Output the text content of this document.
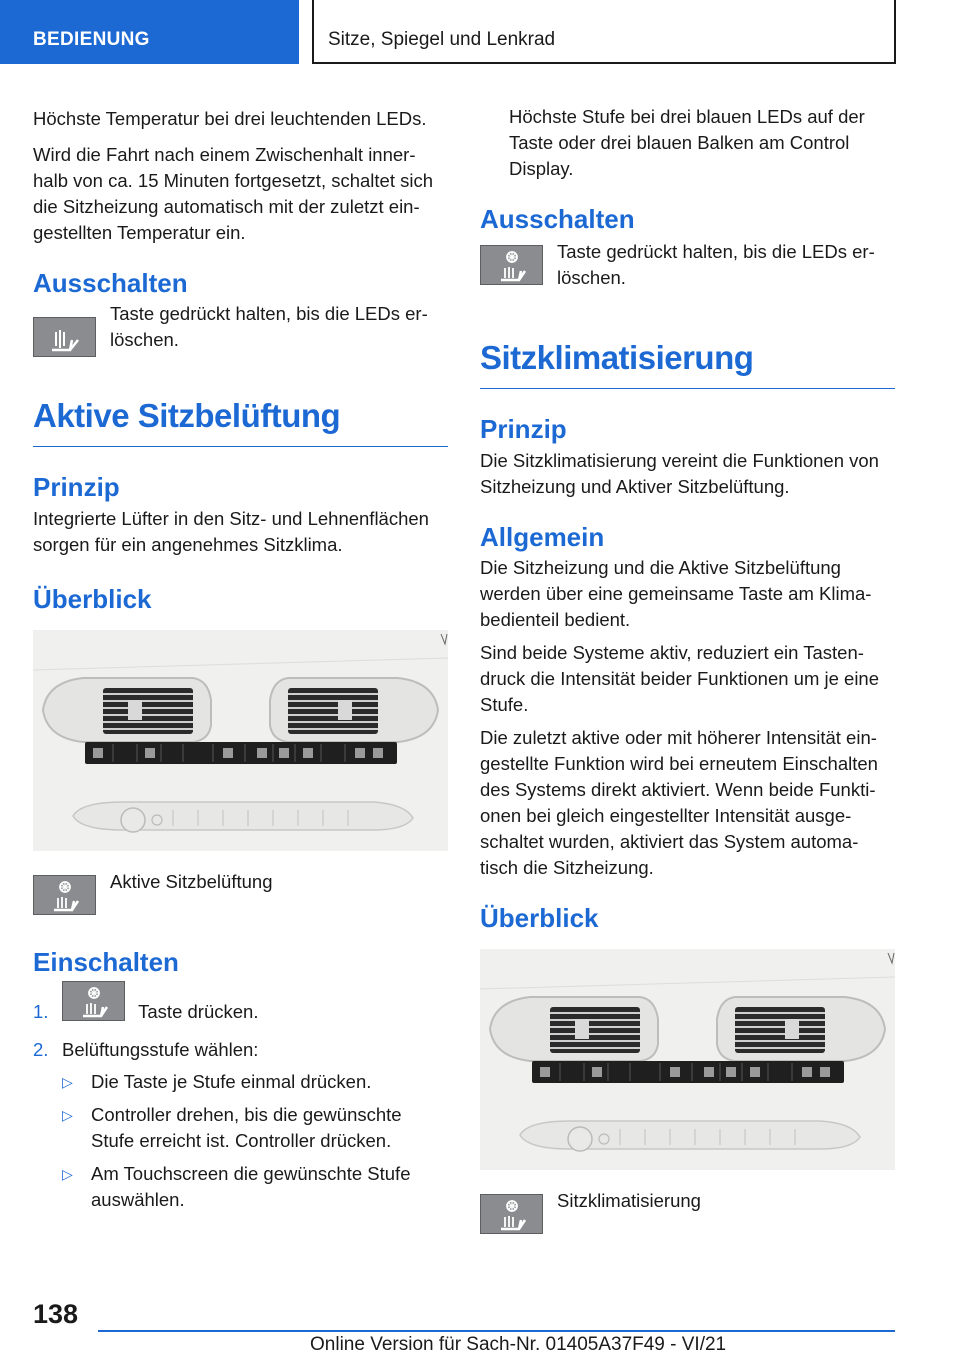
BEDIENUNG	Sitze, Spiegel und Lenkrad

Höchste Temperatur bei drei leuchtenden LEDs.

Wird die Fahrt nach einem Zwischenhalt inner-
halb von ca. 15 Minuten fortgesetzt, schaltet sich
die Sitzheizung automatisch mit der zuletzt ein-
gestellten Temperatur ein.

Ausschalten
Taste gedrückt halten, bis die LEDs er-
löschen.
Aktive Sitzbelüftung
Prinzip

Integrierte Lüfter in den Sitz- und Lehnenflächen
sorgen für ein angenehmes Sitzklima.

Überblick
Aktive Sitzbelüftung
Einschalten
1.	Taste drücken.
2. Belüftungsstufe wählen:
▷ Die Taste je Stufe einmal drücken.
▷ Controller drehen, bis die gewünschte
Stufe erreicht ist. Controller drücken.
▷ Am Touchscreen die gewünschte Stufe
auswählen.

Höchste Stufe bei drei blauen LEDs auf der
Taste oder drei blauen Balken am Control
Display.

Ausschalten
Taste gedrückt halten, bis die LEDs er-
löschen.
Sitzklimatisierung
Prinzip

Die Sitzklimatisierung vereint die Funktionen von
Sitzheizung und Aktiver Sitzbelüftung.

Allgemein

Die Sitzheizung und die Aktive Sitzbelüftung
werden über eine gemeinsame Taste am Klima-
bedienteil bedient.

Sind beide Systeme aktiv, reduziert ein Tasten-
druck die Intensität beider Funktionen um je eine
Stufe.

Die zuletzt aktive oder mit höherer Intensität ein-
gestellte Funktion wird bei erneutem Einschalten
des Systems direkt aktiviert. Wenn beide Funkti-
onen bei gleich eingestellter Intensität ausge-
schaltet wurden, aktiviert das System automa-
tisch die Sitzheizung.

Überblick
Sitzklimatisierung
138
Online Version für Sach-Nr. 01405A37F49 - VI/21
